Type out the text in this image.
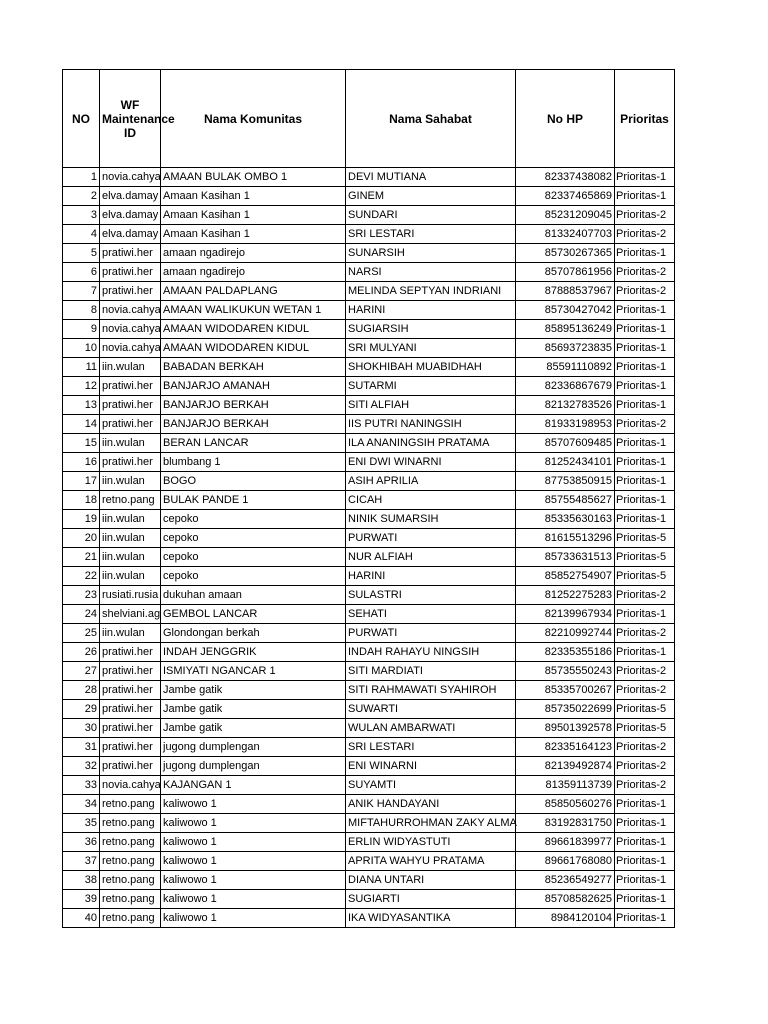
NO	WF Maintenance ID	Nama Komunitas	Nama Sahabat	No HP	Prioritas
1	novia.cahya	AMAAN BULAK OMBO 1	DEVI MUTIANA	82337438082	Prioritas-1
2	elva.damay	Amaan Kasihan 1	GINEM	82337465869	Prioritas-1
3	elva.damay	Amaan Kasihan 1	SUNDARI	85231209045	Prioritas-2
4	elva.damay	Amaan Kasihan 1	SRI LESTARI	81332407703	Prioritas-2
5	pratiwi.her	amaan ngadirejo	SUNARSIH	85730267365	Prioritas-1
6	pratiwi.her	amaan ngadirejo	NARSI	85707861956	Prioritas-2
7	pratiwi.her	AMAAN PALDAPLANG	MELINDA SEPTYAN INDRIANI	87888537967	Prioritas-2
8	novia.cahya	AMAAN WALIKUKUN WETAN 1	HARINI	85730427042	Prioritas-1
9	novia.cahya	AMAAN WIDODAREN KIDUL	SUGIARSIH	85895136249	Prioritas-1
10	novia.cahya	AMAAN WIDODAREN KIDUL	SRI MULYANI	85693723835	Prioritas-1
11	iin.wulan	BABADAN BERKAH	SHOKHIBAH MUABIDHAH	85591110892	Prioritas-1
12	pratiwi.her	BANJARJO AMANAH	SUTARMI	82336867679	Prioritas-1
13	pratiwi.her	BANJARJO BERKAH	SITI ALFIAH	82132783526	Prioritas-1
14	pratiwi.her	BANJARJO BERKAH	IIS PUTRI NANINGSIH	81933198953	Prioritas-2
15	iin.wulan	BERAN LANCAR	ILA ANANINGSIH PRATAMA	85707609485	Prioritas-1
16	pratiwi.her	blumbang 1	ENI DWI WINARNI	81252434101	Prioritas-1
17	iin.wulan	BOGO	ASIH APRILIA	87753850915	Prioritas-1
18	retno.pang	BULAK PANDE 1	CICAH	85755485627	Prioritas-1
19	iin.wulan	cepoko	NINIK SUMARSIH	85335630163	Prioritas-1
20	iin.wulan	cepoko	PURWATI	81615513296	Prioritas-5
21	iin.wulan	cepoko	NUR ALFIAH	85733631513	Prioritas-5
22	iin.wulan	cepoko	HARINI	85852754907	Prioritas-5
23	rusiati.rusia	dukuhan amaan	SULASTRI	81252275283	Prioritas-2
24	shelviani.ag	GEMBOL LANCAR	SEHATI	82139967934	Prioritas-1
25	iin.wulan	Glondongan berkah	PURWATI	82210992744	Prioritas-2
26	pratiwi.her	INDAH JENGGRIK	INDAH RAHAYU NINGSIH	82335355186	Prioritas-1
27	pratiwi.her	ISMIYATI NGANCAR 1	SITI MARDIATI	85735550243	Prioritas-2
28	pratiwi.her	Jambe gatik	SITI RAHMAWATI SYAHIROH	85335700267	Prioritas-2
29	pratiwi.her	Jambe gatik	SUWARTI	85735022699	Prioritas-5
30	pratiwi.her	Jambe gatik	WULAN AMBARWATI	89501392578	Prioritas-5
31	pratiwi.her	jugong dumplengan	SRI LESTARI	82335164123	Prioritas-2
32	pratiwi.her	jugong dumplengan	ENI WINARNI	82139492874	Prioritas-2
33	novia.cahya	KAJANGAN 1	SUYAMTI	81359113739	Prioritas-2
34	retno.pang	kaliwowo 1	ANIK HANDAYANI	85850560276	Prioritas-1
35	retno.pang	kaliwowo 1	MIFTAHURROHMAN ZAKY ALMA	83192831750	Prioritas-1
36	retno.pang	kaliwowo 1	ERLIN WIDYASTUTI	89661839977	Prioritas-1
37	retno.pang	kaliwowo 1	APRITA WAHYU PRATAMA	89661768080	Prioritas-1
38	retno.pang	kaliwowo 1	DIANA UNTARI	85236549277	Prioritas-1
39	retno.pang	kaliwowo 1	SUGIARTI	85708582625	Prioritas-1
40	retno.pang	kaliwowo 1	IKA WIDYASANTIKA	8984120104	Prioritas-1
